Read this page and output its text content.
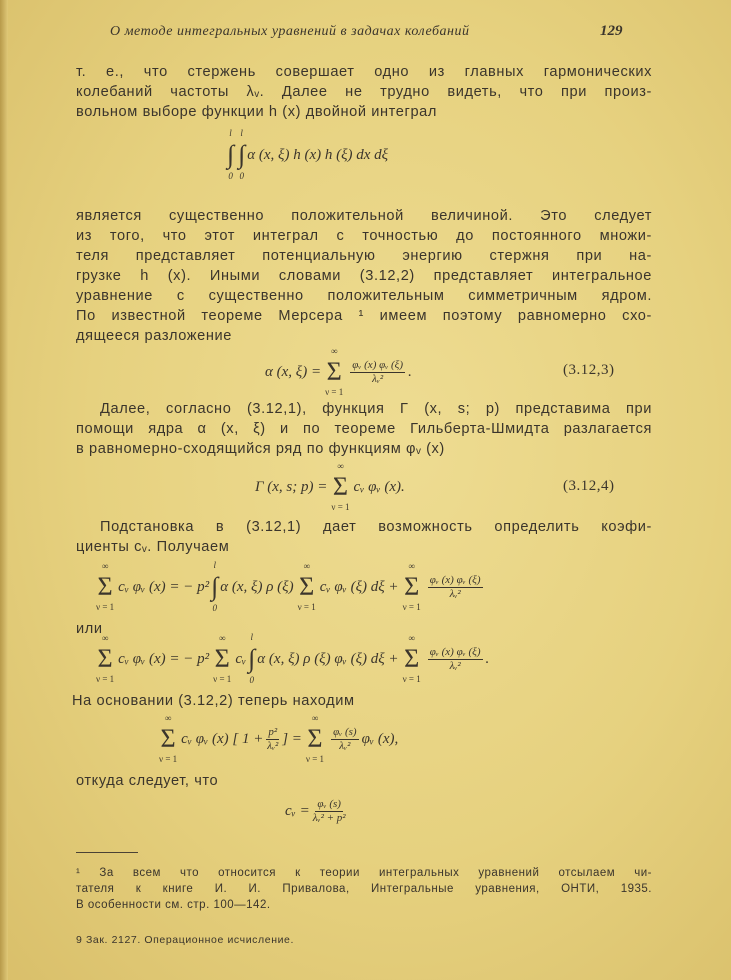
О методе интегральных уравнений в задачах колебаний	129
т. е., что стержень совершает одно из главных гармонических
колебаний частоты λᵥ. Далее не трудно видеть, что при произ-
вольном выборе функции h (x) двойной интеграл
l
∫
0
l
∫
0
α (x, ξ) h (x) h (ξ) dx dξ
является существенно положительной величиной. Это следует
из того, что этот интеграл с точностью до постоянного множи-
теля представляет потенциальную энергию стержня при на-
грузке h (x). Иными словами (3.12,2) представляет интегральное
уравнение с существенно положительным симметричным ядром.
По известной теореме Мерсера ¹ имеем поэтому равномерно схо-
дящееся разложение
α (x, ξ) =
∞
Σ
ν = 1
$\frac{\text{φᵥ (x) φᵥ (ξ)}}{\text{λᵥ²}}$ .	(3.12,3)
Далее, согласно (3.12,1), функция Γ (x, s; p) представима при
помощи ядра α (x, ξ) и по теореме Гильберта-Шмидта разлагается
в равномерно-сходящийся ряд по функциям φᵥ (x)
Γ (x, s; p) =
∞
Σ
ν = 1
cᵥ φᵥ (x).	(3.12,4)
Подстановка в (3.12,1) дает возможность определить коэфи-
циенты cᵥ. Получаем
∞
Σ
ν = 1
cᵥ φᵥ (x) = − p²
l
∫
0
α (x, ξ) ρ (ξ)
∞
Σ
ν = 1
cᵥ φᵥ (ξ) dξ +
∞
Σ
ν = 1
$\frac{\text{φᵥ (x) φᵥ (ξ)}}{\text{λᵥ²}}$
или
∞
Σ
ν = 1
cᵥ φᵥ (x) = − p²
∞
Σ
ν = 1
cᵥ
l
∫
0
α (x, ξ) ρ (ξ) φᵥ (ξ) dξ +
∞
Σ
ν = 1
$\frac{\text{φᵥ (x) φᵥ (ξ)}}{\text{λᵥ²}}$ .
На основании (3.12,2) теперь находим
∞
Σ
ν = 1
cᵥ φᵥ (x) [ $1 + \frac{\text{p²}}{\text{λᵥ²}}$ ] =
∞
Σ
ν = 1
$\frac{\text{φᵥ (s)}}{\text{λᵥ²}}$ φᵥ (x),
откуда следует, что
cᵥ = $\frac{\text{φᵥ (s)}}{\text{λᵥ² + p²}}$
¹ За всем что относится к теории интегральных уравнений отсылаем чи-
тателя к книге И. И. Привалова, Интегральные уравнения, ОНТИ, 1935.
В особенности см. стр. 100—142.
9 Зак. 2127. Операционное исчисление.
